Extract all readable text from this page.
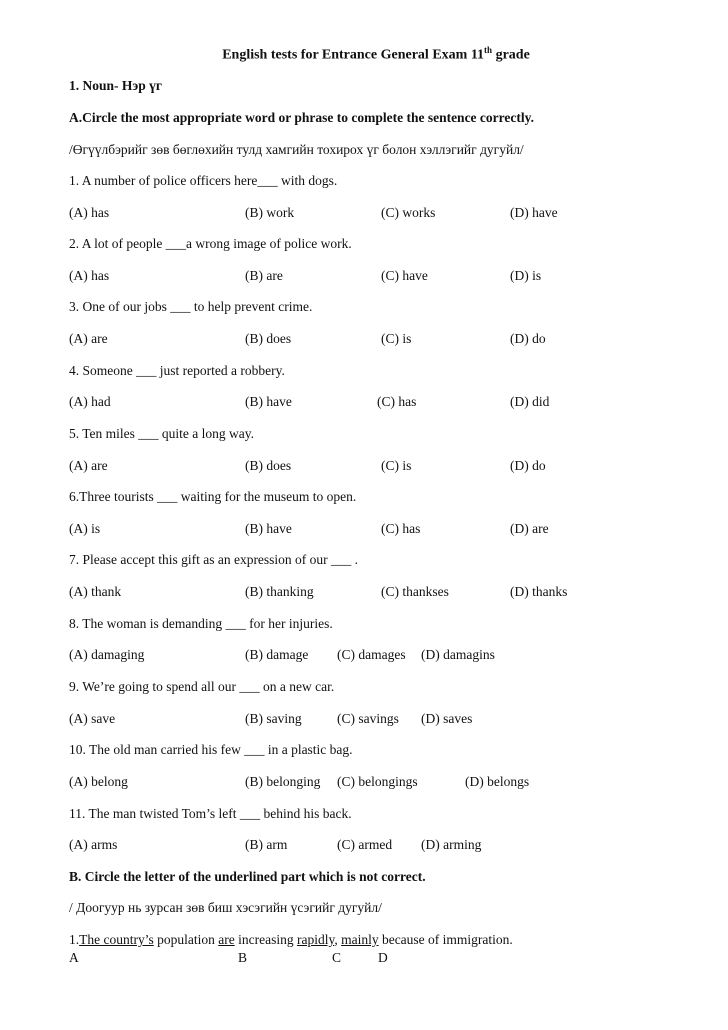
English tests for Entrance General Exam 11th grade
1. Noun- Нэр үг
A.Circle the most appropriate word or phrase to complete the sentence correctly.
/Өгүүлбэрийг зөв бөглөхийн тулд хамгийн тохирох үг болон хэллэгийг дугуйл/
1. A number of police officers here___ with dogs.
(A) has	(B) work	(C) works	(D) have
2. A lot of people ___a wrong image of police work.
(A) has	(B) are	(C) have	(D) is
3. One of our jobs ___ to help prevent crime.
(A) are	(B) does	(C) is	(D) do
4. Someone ___ just reported a robbery.
(A) had	(B) have	(C) has	(D) did
5. Ten miles ___ quite a long way.
(A) are	(B) does	(C) is	(D) do
6.Three tourists ___ waiting for the museum to open.
(A) is	(B) have	(C) has	(D) are
7. Please accept this gift as an expression of our ___ .
(A) thank	(B) thanking	(C) thankses	(D) thanks
8. The woman is demanding ___ for her injuries.
(A) damaging	(B) damage (C) damages (D) damagins
9. We’re going to spend all our ___ on a new car.
(A) save	(B) saving	(C) savings (D) saves
10. The old man carried his few ___ in a plastic bag.
(A) belong	(B) belonging (C) belongings	(D) belongs
11. The man twisted Tom’s left ___ behind his back.
(A) arms	(B) arm	(C) armed (D) arming
B. Circle the letter of the underlined part which is not correct.
/ Доогуур нь зурсан зөв биш хэсэгийн үсэгийг дугуйл/
1.The country’s population are increasing rapidly, mainly because of immigration.
A	B	C	D
